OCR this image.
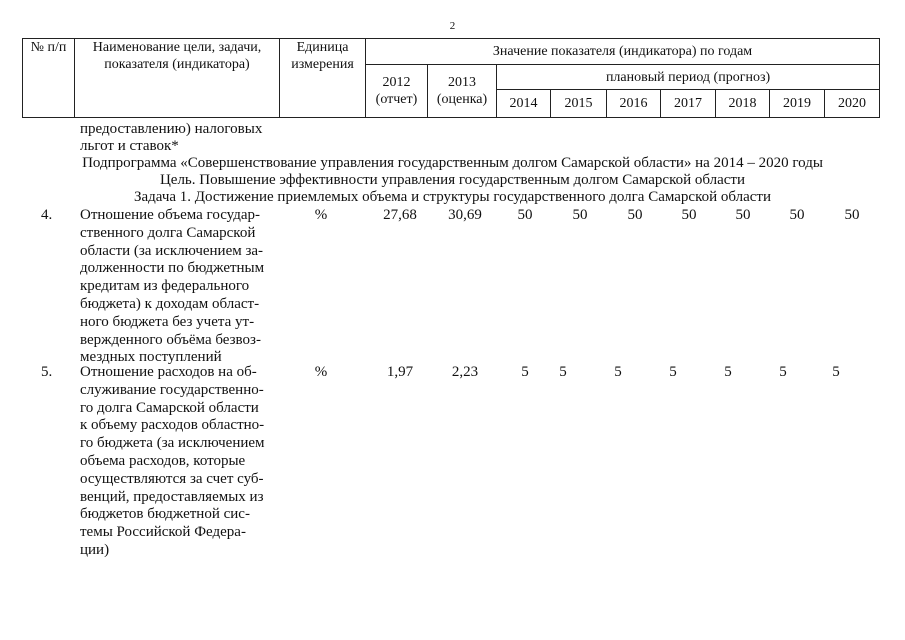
2
№ п/п	Наименование цели, задачи, показателя (индикатора)	Единица измерения	Значение показателя (индикатора) по годам								
			2012 (отчет)	2013 (оценка)	плановый период (прогноз)						
					2014	2015	2016	2017	2018	2019	2020
предоставлению) налоговых
льгот и ставок*
Подпрограмма «Совершенствование управления государственным долгом Самарской области» на 2014 – 2020 годы
Цель. Повышение эффективности управления государственным долгом Самарской области
Задача 1. Достижение приемлемых объема и структуры государственного долга Самарской области
4. Отношение объема государ-
ственного долга Самарской
области (за исключением за-
долженности по бюджетным
кредитам из федерального
бюджета) к доходам област-
ного бюджета без учета ут-
вержденного объёма безвоз-
мездных поступлений
%	27,68	30,69	50	50	50	50	50	50	50
5. Отношение расходов на об-
служивание государственно-
го долга Самарской области
к объему расходов областно-
го бюджета (за исключением
объема расходов, которые
осуществляются за счет суб-
венций, предоставляемых из
бюджетов бюджетной сис-
темы Российской Федера-
ции)
%	1,97	2,23	5	5	5	5	5	5	5
